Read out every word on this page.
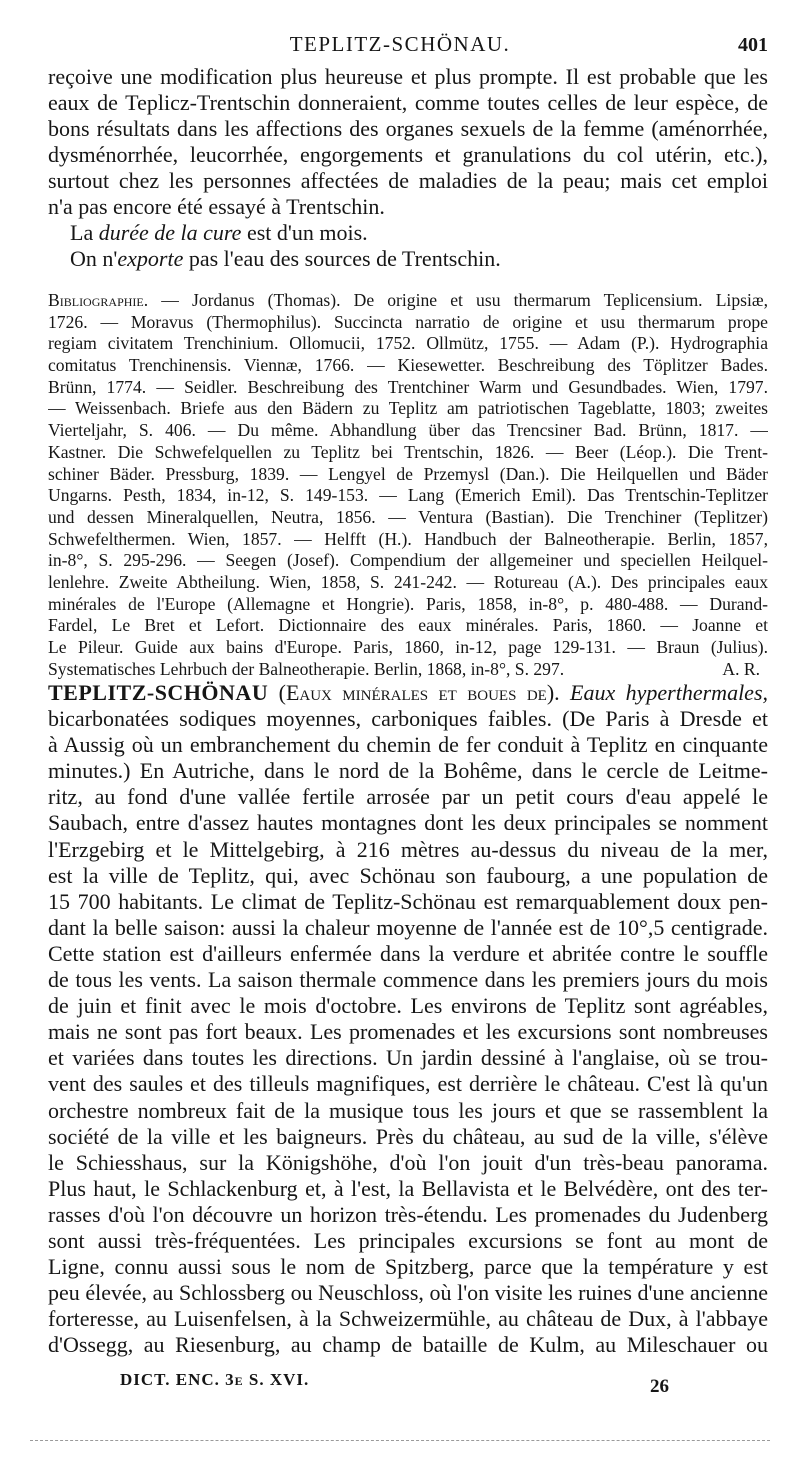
TEPLITZ-SCHÖNAU.	401
reçoive une modification plus heureuse et plus prompte. Il est probable que les
eaux de Teplicz-Trentschin donneraient, comme toutes celles de leur espèce, de
bons résultats dans les affections des organes sexuels de la femme (aménorrhée,
dysménorrhée, leucorrhée, engorgements et granulations du col utérin, etc.),
surtout chez les personnes affectées de maladies de la peau; mais cet emploi
n'a pas encore été essayé à Trentschin.
La durée de la cure est d'un mois.
On n'exporte pas l'eau des sources de Trentschin.
Bibliographie. — Jordanus (Thomas). De origine et usu thermarum Teplicensium. Lipsiæ,
1726. — Moravus (Thermophilus). Succincta narratio de origine et usu thermarum prope
regiam civitatem Trenchinium. Ollomucii, 1752. Ollmütz, 1755. — Adam (P.). Hydrographia
comitatus Trenchinensis. Viennæ, 1766. — Kiesewetter. Beschreibung des Töplitzer Bades.
Brünn, 1774. — Seidler. Beschreibung des Trentchiner Warm und Gesundbades. Wien, 1797.
— Weissenbach. Briefe aus den Bädern zu Teplitz am patriotischen Tageblatte, 1803; zweites
Vierteljahr, S. 406. — Du même. Abhandlung über das Trencsiner Bad. Brünn, 1817. —
Kastner. Die Schwefelquellen zu Teplitz bei Trentschin, 1826. — Beer (Léop.). Die Trent-
schiner Bäder. Pressburg, 1839. — Lengyel de Przemysl (Dan.). Die Heilquellen und Bäder
Ungarns. Pesth, 1834, in-12, S. 149-153. — Lang (Emerich Emil). Das Trentschin-Teplitzer
und dessen Mineralquellen, Neutra, 1856. — Ventura (Bastian). Die Trenchiner (Teplitzer)
Schwefelthermen. Wien, 1857. — Helfft (H.). Handbuch der Balneotherapie. Berlin, 1857,
in-8°, S. 295-296. — Seegen (Josef). Compendium der allgemeiner und speciellen Heilquel-
lenlehre. Zweite Abtheilung. Wien, 1858, S. 241-242. — Rotureau (A.). Des principales eaux
minérales de l'Europe (Allemagne et Hongrie). Paris, 1858, in-8°, p. 480-488. — Durand-
Fardel, Le Bret et Lefort. Dictionnaire des eaux minérales. Paris, 1860. — Joanne et
Le Pileur. Guide aux bains d'Europe. Paris, 1860, in-12, page 129-131. — Braun (Julius).
Systematisches Lehrbuch der Balneotherapie. Berlin, 1868, in-8°, S. 297.	A. R.
TEPLITZ-SCHÖNAU (Eaux minérales et boues de). Eaux hyperthermales,
bicarbonatées sodiques moyennes, carboniques faibles. (De Paris à Dresde et
à Aussig où un embranchement du chemin de fer conduit à Teplitz en cinquante
minutes.) En Autriche, dans le nord de la Bohême, dans le cercle de Leitme-
ritz, au fond d'une vallée fertile arrosée par un petit cours d'eau appelé le
Saubach, entre d'assez hautes montagnes dont les deux principales se nomment
l'Erzgebirg et le Mittelgebirg, à 216 mètres au-dessus du niveau de la mer,
est la ville de Teplitz, qui, avec Schönau son faubourg, a une population de
15 700 habitants. Le climat de Teplitz-Schönau est remarquablement doux pen-
dant la belle saison: aussi la chaleur moyenne de l'année est de 10°,5 centigrade.
Cette station est d'ailleurs enfermée dans la verdure et abritée contre le souffle
de tous les vents. La saison thermale commence dans les premiers jours du mois
de juin et finit avec le mois d'octobre. Les environs de Teplitz sont agréables,
mais ne sont pas fort beaux. Les promenades et les excursions sont nombreuses
et variées dans toutes les directions. Un jardin dessiné à l'anglaise, où se trou-
vent des saules et des tilleuls magnifiques, est derrière le château. C'est là qu'un
orchestre nombreux fait de la musique tous les jours et que se rassemblent la
société de la ville et les baigneurs. Près du château, au sud de la ville, s'élève
le Schiesshaus, sur la Königshöhe, d'où l'on jouit d'un très-beau panorama.
Plus haut, le Schlackenburg et, à l'est, la Bellavista et le Belvédère, ont des ter-
rasses d'où l'on découvre un horizon très-étendu. Les promenades du Judenberg
sont aussi très-fréquentées. Les principales excursions se font au mont de
Ligne, connu aussi sous le nom de Spitzberg, parce que la température y est
peu élevée, au Schlossberg ou Neuschloss, où l'on visite les ruines d'une ancienne
forteresse, au Luisenfelsen, à la Schweizermühle, au château de Dux, à l'abbaye
d'Ossegg, au Riesenburg, au champ de bataille de Kulm, au Mileschauer ou
DICT. ENC. 3e S. XVI.	26
